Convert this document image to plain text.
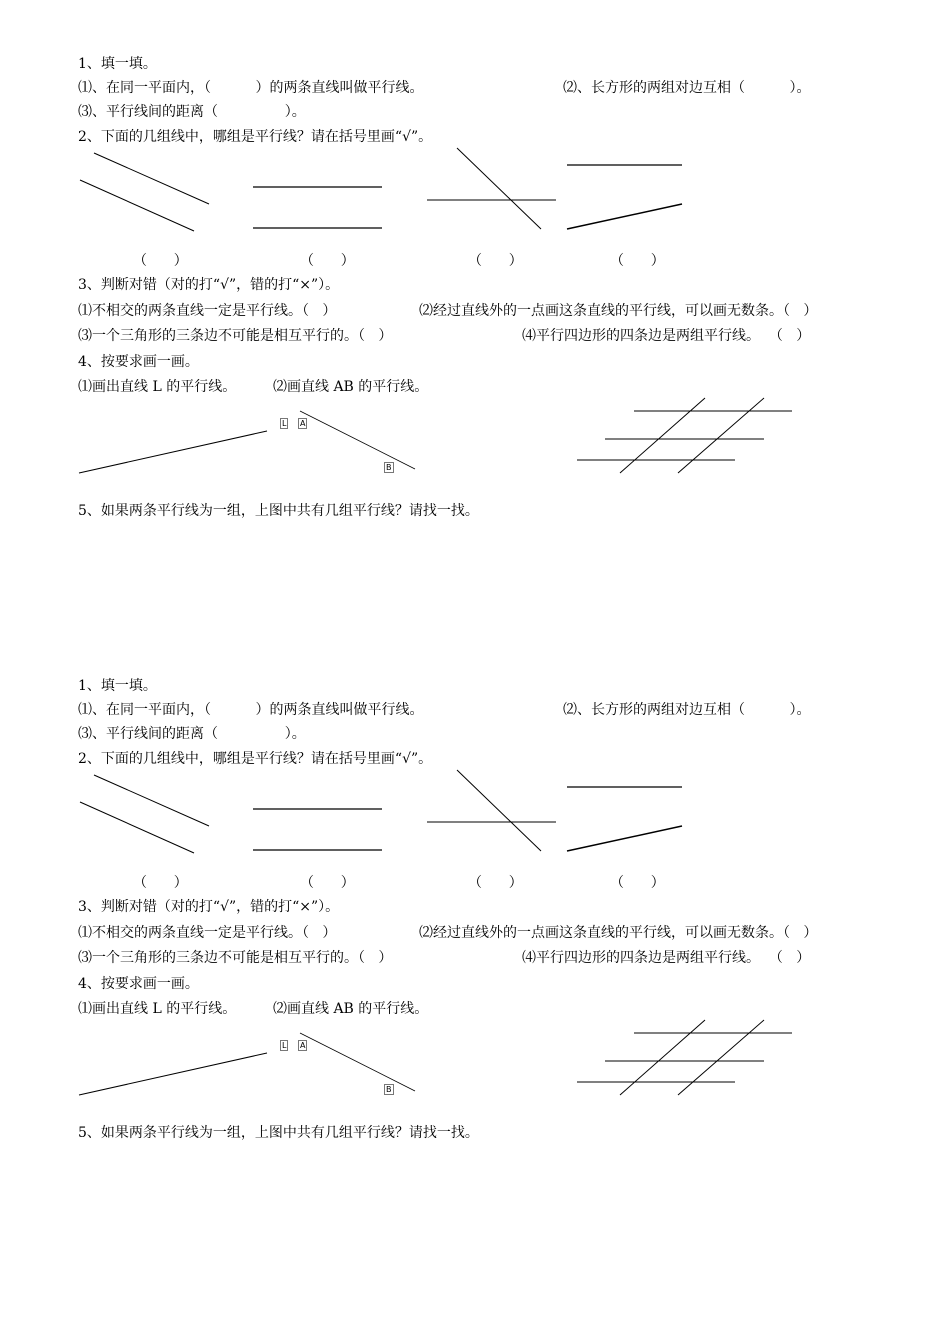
1、填一填。
⑴、在同一平面内，（          ）的两条直线叫做平行线。	⑵、长方形的两组对边互相（          ）。
⑶、平行线间的距离（               ）。
2、下面的几组线中，哪组是平行线？请在括号里画“√”。
（      ）	（      ）	（      ）	（      ）
3、判断对错（对的打“√”，错的打“×”）。
⑴不相交的两条直线一定是平行线。（   ）	⑵经过直线外的一点画这条直线的平行线，可以画无数条。（   ）
⑶一个三角形的三条边不可能是相互平行的。（   ）	⑷平行四边形的四条边是两组平行线。  （   ）
4、按要求画一画。
⑴画出直线 L 的平行线。	⑵画直线 AB 的平行线。
L A
B
5、如果两条平行线为一组，上图中共有几组平行线？请找一找。
1、填一填。
⑴、在同一平面内，（          ）的两条直线叫做平行线。	⑵、长方形的两组对边互相（          ）。
⑶、平行线间的距离（               ）。
2、下面的几组线中，哪组是平行线？请在括号里画“√”。
（      ）	（      ）	（      ）	（      ）
3、判断对错（对的打“√”，错的打“×”）。
⑴不相交的两条直线一定是平行线。（   ）	⑵经过直线外的一点画这条直线的平行线，可以画无数条。（   ）
⑶一个三角形的三条边不可能是相互平行的。（   ）	⑷平行四边形的四条边是两组平行线。  （   ）
4、按要求画一画。
⑴画出直线 L 的平行线。	⑵画直线 AB 的平行线。
L A
B
5、如果两条平行线为一组，上图中共有几组平行线？请找一找。
